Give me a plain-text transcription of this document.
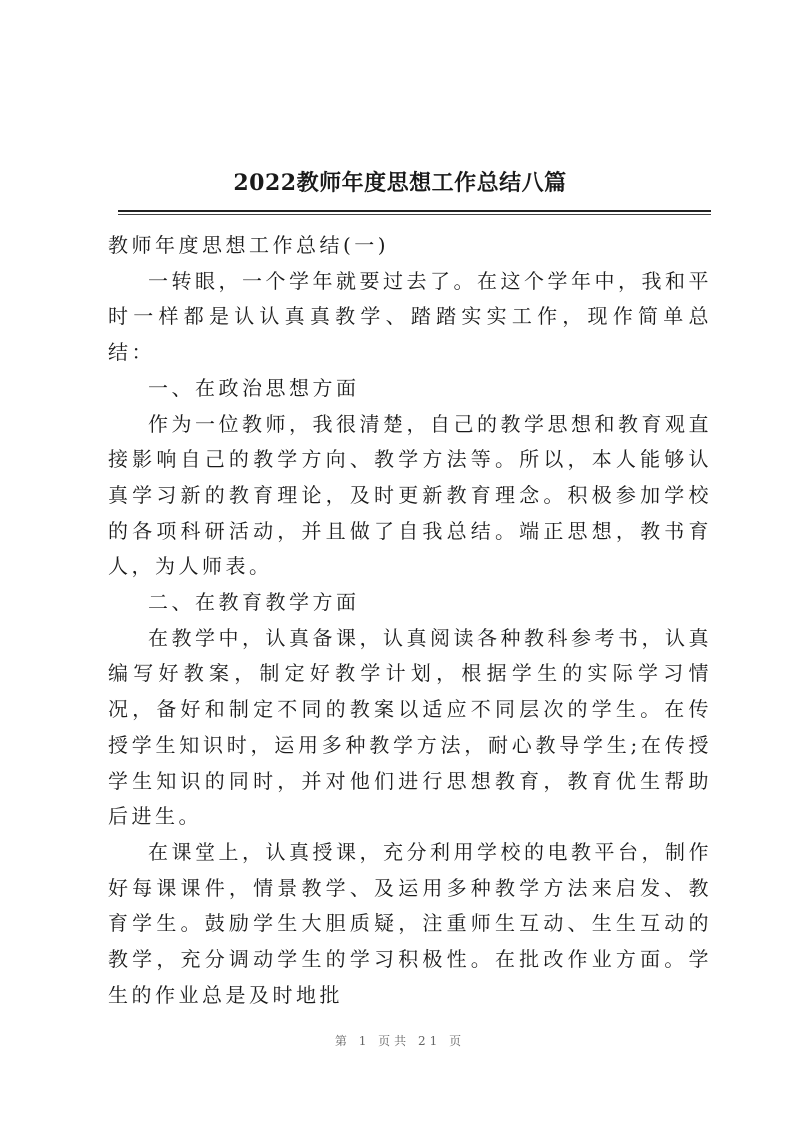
2022教师年度思想工作总结八篇

教师年度思想工作总结(一)

一转眼，一个学年就要过去了。在这个学年中，我和平时一样都是认认真真教学、踏踏实实工作，现作简单总结：

一、在政治思想方面

作为一位教师，我很清楚，自己的教学思想和教育观直接影响自己的教学方向、教学方法等。所以，本人能够认真学习新的教育理论，及时更新教育理念。积极参加学校的各项科研活动，并且做了自我总结。端正思想，教书育人，为人师表。

二、在教育教学方面

在教学中，认真备课，认真阅读各种教科参考书，认真编写好教案，制定好教学计划，根据学生的实际学习情况，备好和制定不同的教案以适应不同层次的学生。在传授学生知识时，运用多种教学方法，耐心教导学生;在传授学生知识的同时，并对他们进行思想教育，教育优生帮助后进生。

在课堂上，认真授课，充分利用学校的电教平台，制作好每课课件，情景教学、及运用多种教学方法来启发、教育学生。鼓励学生大胆质疑，注重师生互动、生生互动的教学，充分调动学生的学习积极性。在批改作业方面。学生的作业总是及时地批

第 1 页共 21 页
